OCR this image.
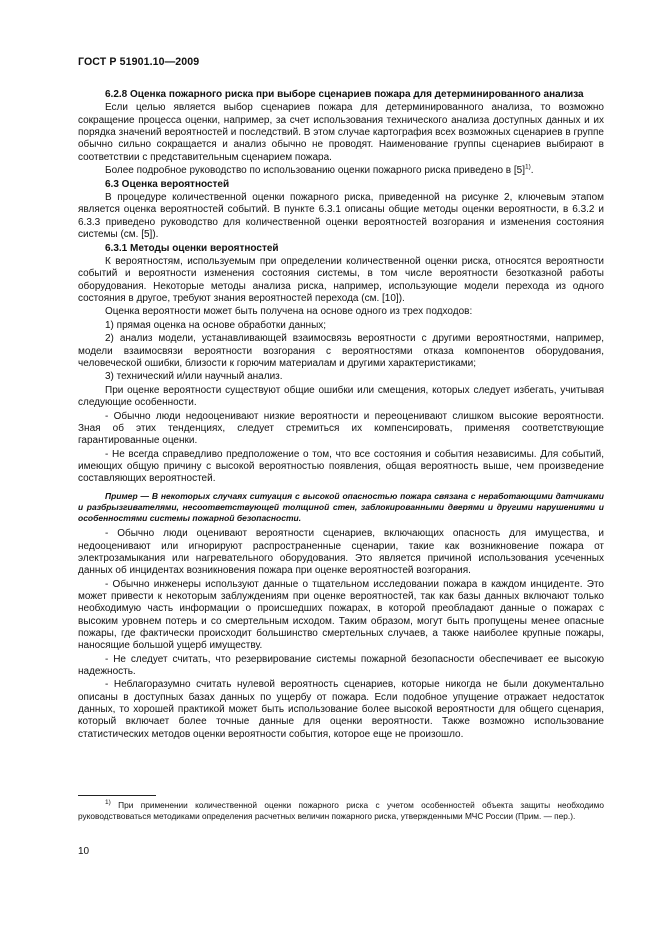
ГОСТ Р 51901.10—2009
6.2.8 Оценка пожарного риска при выборе сценариев пожара для детерминированного анализа

Если целью является выбор сценариев пожара для детерминированного анализа, то возможно сокращение процесса оценки, например, за счет использования технического анализа доступных данных и их порядка значений вероятностей и последствий. В этом случае картография всех возможных сценариев в группе обычно сильно сокращается и анализ обычно не проводят. Наименование группы сценариев выбирают в соответствии с представительным сценарием пожара.

Более подробное руководство по использованию оценки пожарного риска приведено в $[5]^{1)}$.

6.3 Оценка вероятностей

В процедуре количественной оценки пожарного риска, приведенной на рисунке 2, ключевым этапом является оценка вероятностей событий. В пункте 6.3.1 описаны общие методы оценки вероятности, в 6.3.2 и 6.3.3 приведено руководство для количественной оценки вероятностей возгорания и изменения состояния системы (см. [5]).

6.3.1 Методы оценки вероятностей

К вероятностям, используемым при определении количественной оценки риска, относятся вероятности событий и вероятности изменения состояния системы, в том числе вероятности безотказной работы оборудования. Некоторые методы анализа риска, например, использующие модели перехода из одного состояния в другое, требуют знания вероятностей перехода (см. [10]).

Оценка вероятности может быть получена на основе одного из трех подходов:

1) прямая оценка на основе обработки данных;

2) анализ модели, устанавливающей взаимосвязь вероятности с другими вероятностями, например, модели взаимосвязи вероятности возгорания с вероятностями отказа компонентов оборудования, человеческой ошибки, близости к горючим материалам и другими характеристиками;

3) технический и/или научный анализ.

При оценке вероятности существуют общие ошибки или смещения, которых следует избегать, учитывая следующие особенности.

- Обычно люди недооценивают низкие вероятности и переоценивают слишком высокие вероятности. Зная об этих тенденциях, следует стремиться их компенсировать, применяя соответствующие гарантированные оценки.

- Не всегда справедливо предположение о том, что все состояния и события независимы. Для событий, имеющих общую причину с высокой вероятностью появления, общая вероятность выше, чем произведение составляющих вероятностей.

Пример — В некоторых случаях ситуация с высокой опасностью пожара связана с неработающими датчиками и разбрызгивателями, несоответствующей толщиной стен, заблокированными дверями и другими нарушениями и особенностями системы пожарной безопасности.

- Обычно люди оценивают вероятности сценариев, включающих опасность для имущества, и недооценивают или игнорируют распространенные сценарии, такие как возникновение пожара от электрозамыкания или нагревательного оборудования. Это является причиной использования усеченных данных об инцидентах возникновения пожара при оценке вероятностей возгорания.

- Обычно инженеры используют данные о тщательном исследовании пожара в каждом инциденте. Это может привести к некоторым заблуждениям при оценке вероятностей, так как базы данных включают только необходимую часть информации о происшедших пожарах, в которой преобладают данные о пожарах с высоким уровнем потерь и со смертельным исходом. Таким образом, могут быть пропущены менее опасные пожары, где фактически происходит большинство смертельных случаев, а также наиболее крупные пожары, наносящие большой ущерб имуществу.

- Не следует считать, что резервирование системы пожарной безопасности обеспечивает ее высокую надежность.

- Неблагоразумно считать нулевой вероятность сценариев, которые никогда не были документально описаны в доступных базах данных по ущербу от пожара. Если подобное упущение отражает недостаток данных, то хорошей практикой может быть использование более высокой вероятности для общего сценария, который включает более точные данные для оценки вероятности. Также возможно использование статистических методов оценки вероятности события, которое еще не произошло.

$^{1)}$ При применении количественной оценки пожарного риска с учетом особенностей объекта защиты необходимо руководствоваться методиками определения расчетных величин пожарного риска, утвержденными МЧС России (Прим. — пер.).
10
